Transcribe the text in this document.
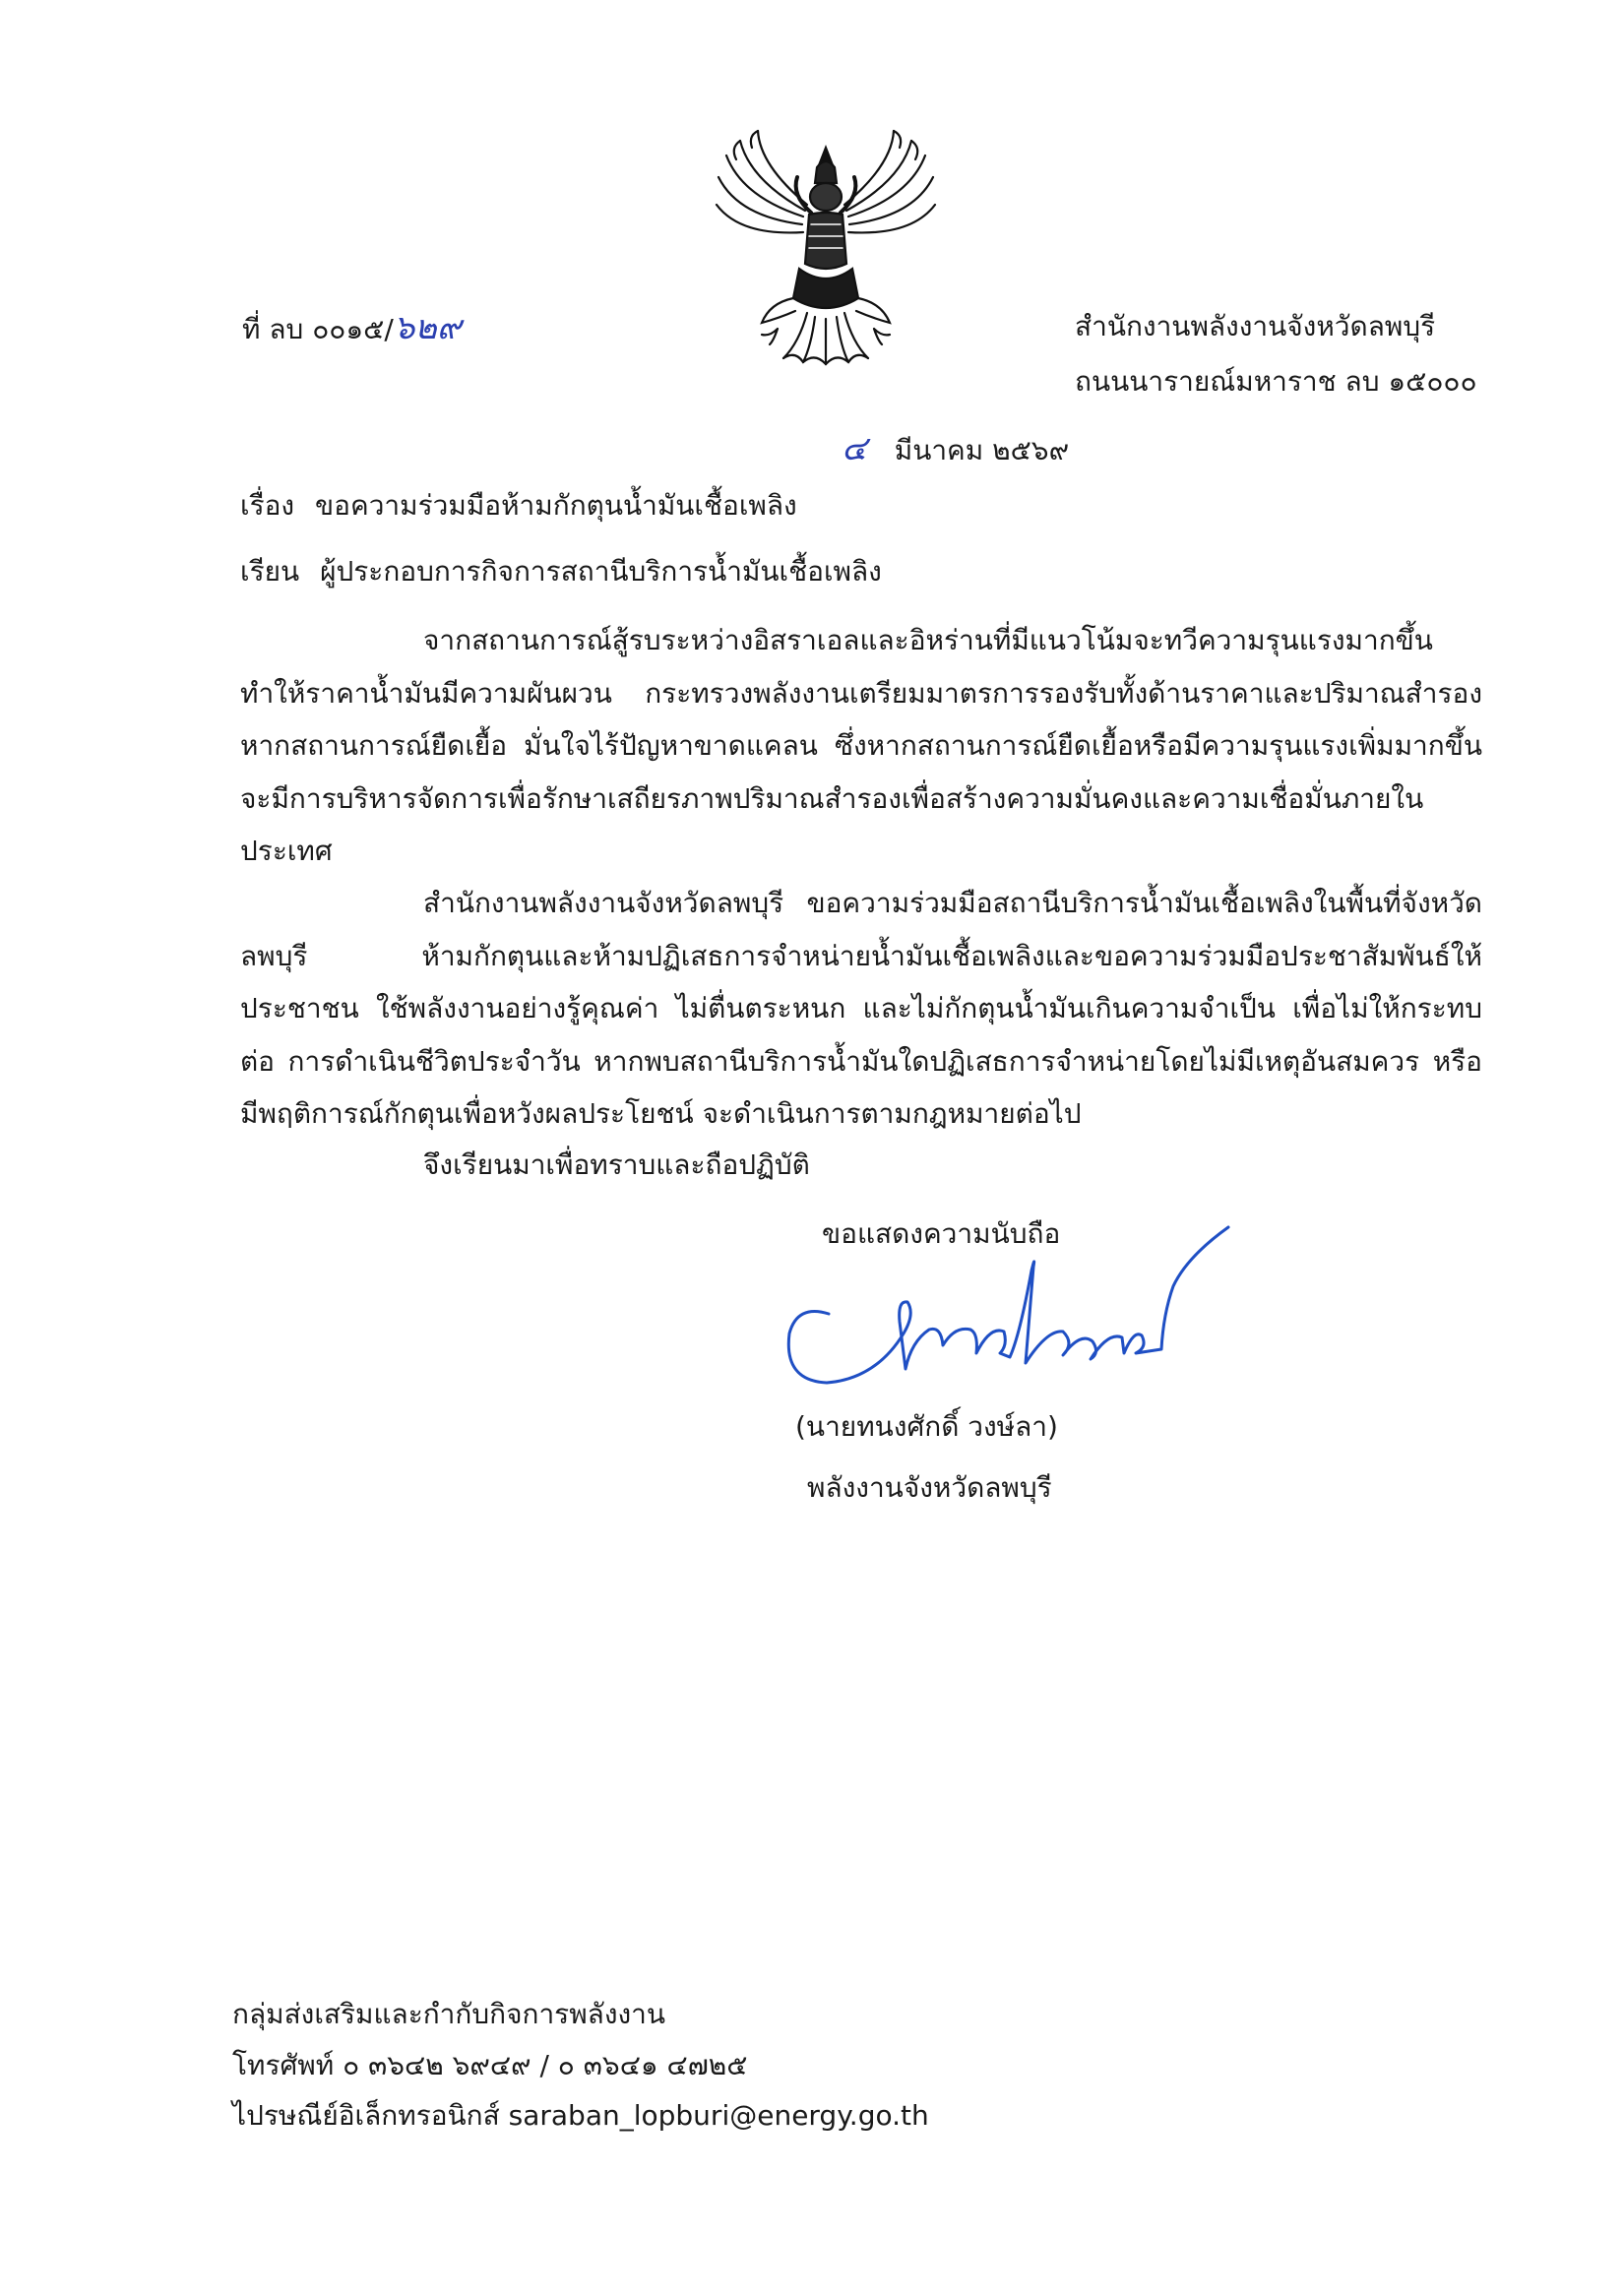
ที่ ลบ ๐๐๑๕/๖๒๙	สำนักงานพลังงานจังหวัดลพบุรี
ถนนนารายณ์มหาราช ลบ ๑๕๐๐๐
๔ มีนาคม ๒๕๖๙
เรื่อง ขอความร่วมมือห้ามกักตุนน้ำมันเชื้อเพลิง
เรียน ผู้ประกอบการกิจการสถานีบริการน้ำมันเชื้อเพลิง
จากสถานการณ์สู้รบระหว่างอิสราเอลและอิหร่านที่มีแนวโน้มจะทวีความรุนแรงมากขึ้น ทำให้ราคาน้ำมันมีความผันผวน กระทรวงพลังงานเตรียมมาตรการรองรับทั้งด้านราคาและปริมาณสำรอง หากสถานการณ์ยืดเยื้อ มั่นใจไร้ปัญหาขาดแคลน ซึ่งหากสถานการณ์ยืดเยื้อหรือมีความรุนแรงเพิ่มมากขึ้น จะมีการบริหารจัดการเพื่อรักษาเสถียรภาพปริมาณสำรองเพื่อสร้างความมั่นคงและความเชื่อมั่นภายในประเทศ
สำนักงานพลังงานจังหวัดลพบุรี ขอความร่วมมือสถานีบริการน้ำมันเชื้อเพลิงในพื้นที่จังหวัดลพบุรี ห้ามกักตุนและห้ามปฏิเสธการจำหน่ายน้ำมันเชื้อเพลิงและขอความร่วมมือประชาสัมพันธ์ให้ประชาชน ใช้พลังงานอย่างรู้คุณค่า ไม่ตื่นตระหนก และไม่กักตุนน้ำมันเกินความจำเป็น เพื่อไม่ให้กระทบต่อ การดำเนินชีวิตประจำวัน หากพบสถานีบริการน้ำมันใดปฏิเสธการจำหน่ายโดยไม่มีเหตุอันสมควร หรือมีพฤติการณ์กักตุนเพื่อหวังผลประโยชน์ จะดำเนินการตามกฎหมายต่อไป
จึงเรียนมาเพื่อทราบและถือปฏิบัติ
ขอแสดงความนับถือ
(นายทนงศักดิ์ วงษ์ลา)
พลังงานจังหวัดลพบุรี
กลุ่มส่งเสริมและกำกับกิจการพลังงาน
โทรศัพท์ ๐ ๓๖๔๒ ๖๙๔๙ / ๐ ๓๖๔๑ ๔๗๒๕
ไปรษณีย์อิเล็กทรอนิกส์ saraban_lopburi@energy.go.th
